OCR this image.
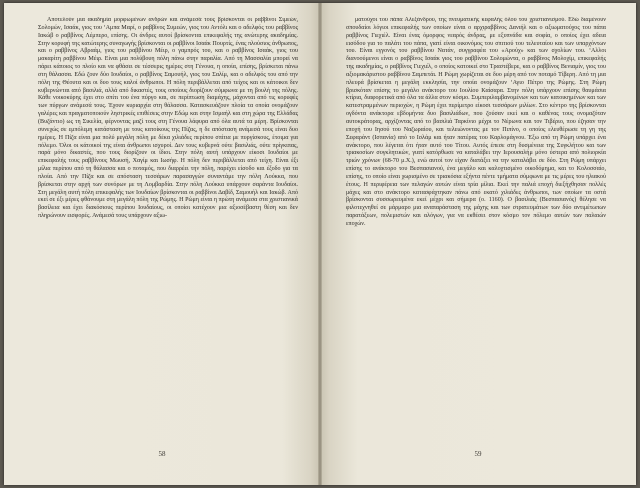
Αποτελούν μια ακαδημία μορφωμένων ανδρών και ανάμεσά τους βρίσκονται οι ραββίνοι Σιμεών, Σολομών, Ισαάκ, γιος του ‘Αμπα Μαρί, ο ραββίνος Συμεών, γιος του Αντόλι και ο αδελφός του ραββίνος Ιακώβ ο ραββίνος Λέμπερο, επίσης. Οι άνδρες αυτοί βρίσκονται επικεφαλής της ανώτερης ακαδημίας. Στην κορυφή της κατώτερης συναγωγής βρίσκονται οι ραββίνοι Ισαάκ Πουρτίς, ένας πλούσιος άνθρωπος, και ο ραββίνος Αβραάμ, γιος του ραββίνου Μέιρ, ο γαμπρός του, και ο ραββίνος Ισαάκ, γιος του μακαρίτη ραββίνου Μέιρ. Είναι μια πολύβουη πόλη πάνω στην παραλία. Από τη Μασσαλία μπορεί να πάρει κάποιος το πλοίο και να φθάσει σε τέσσερις ημέρες στη Γένουα, η οποία, επίσης, βρίσκεται πάνω στη θάλασσα. Εδώ ζουν δύο Ιουδαίοι, ο ραββίνος Σαμουήλ, γιος του Σαλίμ, και ο αδελφός του από την πόλη της Θέουτα και οι δυο τους καλοί άνθρωποι. Η πόλη περιβάλλεται από τείχος και οι κάτοικοι δεν κυβερνώνται από βασιλιά, αλλά από δικαστές, τους οποίους διορίζουν σύμφωνα με τη βουλή της πόλης. Κάθε νοικοκύρης έχει στο σπίτι του ένα πύργο και, σε περίπτωση διαμάχης, μάχονται από τις κορυφές των πύργων ανάμεσά τους. Έχουν κυριαρχία στη θάλασσα. Κατασκευάζουν πλοία τα οποία ονομάζουν γαλέρες και πραγματοποιούν ληστρικές επιθέσεις στην Εδώμ και στην Ισμαήλ και στη χώρα της Ελλάδας (Βυζάντιο) ως τη Σικελία, φέρνοντας μαζί τους στη Γένουα λάφυρα από όλα αυτά τα μέρη. Βρίσκονται συνεχώς σε εμπόλεμη κατάσταση με τους κατοίκους της Πίζας, η δε απόσταση ανάμεσά τους είναι δυο ημέρες. Η Πίζα είναι μια πολύ μεγάλη πόλη με δέκα χιλιάδες περίπου σπίτια με πυργίσκους, έτοιμα για πόλεμο. Όλοι οι κάτοικοί της είναι άνθρωποι ισχυροί. Δεν τους κυβερνά ούτε βασιλιάς, ούτε πρίγκιπας, παρά μόνο δικαστές, που τους διορίζουν οι ίδιοι. Στην πόλη αυτή υπάρχουν είκοσι Ιουδαίοι με επικεφαλής τους ραββίνους Μωυσή, Χαγίμ και Ιωσήφ. Η πόλη δεν περιβάλλεται από τείχη. Είναι έξι μίλια περίπου από τη θάλασσα και ο ποταμός, που διαρρέει την πόλη, παρέχει είσοδο και έξοδο για τα πλοία. Από την Πίζα και σε απόσταση τεσσάρων παρασαγγών συναντάμε την πόλη Λούκκα, που βρίσκεται στην αρχή των συνόρων με τη Λομβαρδία. Στην πόλη Λούκκα υπάρχουν σαράντα Ιουδαίοι. Στη μεγάλη αυτή πόλη επικεφαλής των Ιουδαίων βρίσκονται οι ραββίνοι Δαβίδ, Σαμουήλ και Ιακώβ. Από εκεί σε έξι μέρες φθάνουμε στη μεγάλη πόλη της Ρώμης. Η Ρώμη είναι η πρώτη ανάμεσα στα χριστιανικά βασίλεια και έχει διακόσιους περίπου Ιουδαίους, οι οποίοι κατέχουν μια αξιοσέβαστη θέση και δεν πληρώνουν εισφορές. Ανάμεσά τους υπάρχουν αξιω-

58

ματούχοι του πάπα Αλεξάνδρου, της πνευματικής κεφαλής όλου του χριστιανισμού. Εδώ διαμένουν σπουδαίοι λόγιοι επικεφαλής των οποίων είναι ο αρχιραββίνος Δανιήλ και ο αξιωματούχος του πάπα ραββίνος Γιεχιέλ. Είναι ένας όμορφος νεαρός άνδρας, με εξυπνάδα και σοφία, ο οποίος έχει αδεια εισόδου για το παλάτι του πάπα, γιατί είναι οικονόμος του σπιτιού του τελευταίου και των υπαρχόντων του. Είναι εγγονός του ραββίνου Νατάν, συγγραφέα του «Αρούχ» και των σχολίων του. ‘Αλλοι διανοούμενοι είναι ο ραββίνος Ισαάκ γιος του ραββίνου Σολομώντα, ο ραββίνος Μολοχίμ, επικεφαλής της ακαδημίας, ο ραββίνος Γιεχιέλ, ο οποίος κατοικεί στο Τραστέβερε, και ο ραββίνος Βενιαμίν, γιος του αξιομακάριστου ραββίνου Σαμπετάι. Η Ρώμη χωρίζεται σε δυο μέρη από τον ποταμό Τίβερη. Από τη μια πλευρά βρίσκεται η μεγάλη εκκλησία, την οποία ονομάζουν ‘Αγιο Πέτρο της Ρώμης. Στη Ρώμη βρισκόταν επίσης το μεγάλο ανάκτορο του Ιουλίου Καίσαρα. Στην πόλη υπάρχουν επίσης θαυμάσια κτίρια, διαφορετικά από όλα τα άλλα στον κόσμο. Συμπεριλαμβανομένων και των κατοικημένων και των κατεστραμμένων περιοχών, η Ρώμη έχει περίμετρο είκοσι τεσσάρων μιλίων. Στο κέντρο της βρίσκονται ογδόντα ανάκτορα εβδομήντα δυο βασιλιάδων, που ζούσαν εκεί και ο καθένας τους ονομαζόταν αυτοκράτορας, αρχίζοντας από το βασιλιά Ταρκίνιο μέχρι το Νέρωνα και τον Τιβέριο, που έζησαν την εποχή του Ιησού του Ναζωραίου, και τελειώνοντας με τον Πιπίνο, ο οποίος ελευθέρωσε τη γη της Σεφαράντ (Ισπανία) από το Ισλάμ και ήταν πατέρας του Καρλομάγνου. Έξω από τη Ρώμη υπάρχει ένα ανάκτορο, που λέγεται ότι ήταν αυτό του Τίτου. Αυτός έπεσε στη δυσμένεια της Συγκλήτου και των τριακοσίων συγκλητικών, γιατί κατόρθωσε να καταλάβει την Ιερουσαλήμ μόνο ύστερα από πολιορκία τριών χρόνων (68-70 μ.Χ.), ενώ αυτοί τον είχαν διατάξει να την καταλάβει σε δύο. Στη Ρώμη υπάρχει επίσης το ανάκτορο του Βεσπασιανού, ένα μεγάλο και καλοχτισμένο οικοδόμημα, και το Κολοσσαίο, επίσης, το οποίο είναι χωρισμένο σε τριακόσια εξήντα πέντε τμήματα σύμφωνα με τις μέρες του ηλιακού έτους. Η περιφέρεια των πελαγών αυτών είναι τρία μίλια. Εκεί την παλιά εποχή διεξήχθησαν πολλές μάχες και στο ανάκτορο κατασφάχτηκαν πάνω από εκατό χιλιάδες άνθρωποι, των οποίων τα οστά βρίσκονται συσσωρευμένα εκεί μέχρι και σήμερα (ο. 1160). Ο βασιλιάς (Βεσπασιανός) θέλησε να φιλοτεχνηθεί σε μάρμαρο μια αναπαράσταση της μάχης και των στρατευμάτων των δύο αντιμέτωπων παρατάξεων, πολεμιστών και αλόγων, για να εκθέσει στον κόσμο τον πόλεμο αυτών των παλαιών εποχών.

59
